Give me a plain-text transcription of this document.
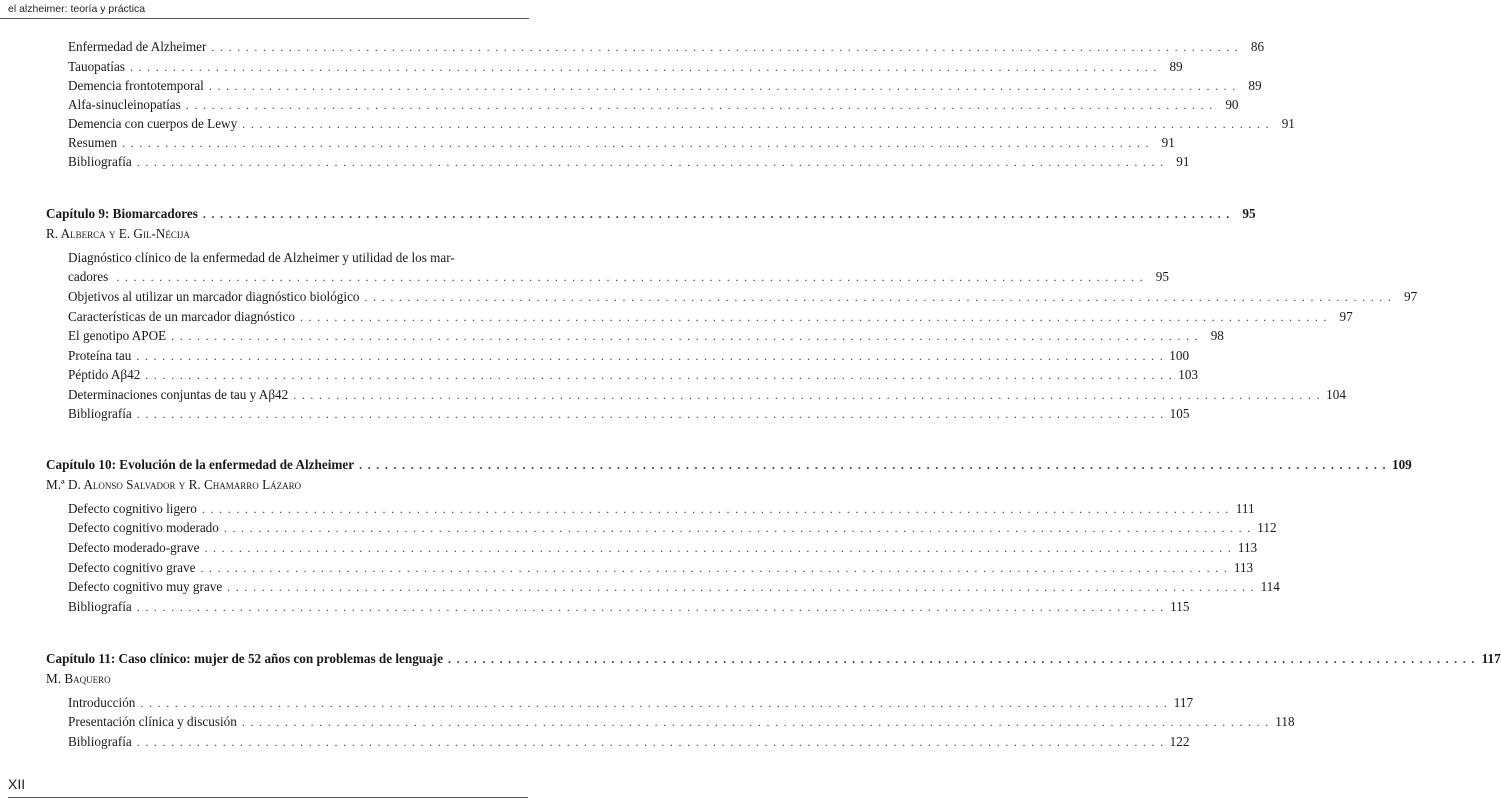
el alzheimer: teoría y práctica
Enfermedad de Alzheimer . . . . . . . . . . . . . . . . . . . . . . . . . . . . . . . . . . . . . . . . . . . . . . . . . . . . . . . . . . . . . . . . . . . . . . . . . . . . . . . . . . . . . . . . . . . . . . . . . . . . . . . . . . . . . . . . . . . . . . . . 86
Tauopatías . . . . . . . . . . . . . . . . . . . . . . . . . . . . . . . . . . . . . . . . . . . . . . . . . . . . . . . . . . . . . . . . . . . . . . . . . . . . . . . . . . . . . . . . . . . . . . . . . . . . . . . . . . . . . . . . . . . . . . . . 89
Demencia frontotemporal . . . . . . . . . . . . . . . . . . . . . . . . . . . . . . . . . . . . . . . . . . . . . . . . . . . . . . . . . . . . . . . . . . . . . . . . . . . . . . . . . . . . . . . . . . . . . . . . . . . . . . . . . . . . . . . . . . . . . . . . 89
Alfa-sinucleinopatías . . . . . . . . . . . . . . . . . . . . . . . . . . . . . . . . . . . . . . . . . . . . . . . . . . . . . . . . . . . . . . . . . . . . . . . . . . . . . . . . . . . . . . . . . . . . . . . . . . . . . . . . . . . . . . . . . . . . . . . . 90
Demencia con cuerpos de Lewy . . . . . . . . . . . . . . . . . . . . . . . . . . . . . . . . . . . . . . . . . . . . . . . . . . . . . . . . . . . . . . . . . . . . . . . . . . . . . . . . . . . . . . . . . . . . . . . . . . . . . . . . . . . . . . . . . . . . . . . . 91
Resumen . . . . . . . . . . . . . . . . . . . . . . . . . . . . . . . . . . . . . . . . . . . . . . . . . . . . . . . . . . . . . . . . . . . . . . . . . . . . . . . . . . . . . . . . . . . . . . . . . . . . . . . . . . . . . . . . . . . . . . . . 91
Bibliografía . . . . . . . . . . . . . . . . . . . . . . . . . . . . . . . . . . . . . . . . . . . . . . . . . . . . . . . . . . . . . . . . . . . . . . . . . . . . . . . . . . . . . . . . . . . . . . . . . . . . . . . . . . . . . . . . . . . . . . . . 91
Capítulo 9: Biomarcadores . . . . . . . . . . . . . . . . . . . . . . . . . . . . . . . . . . . . . . . . . . . . . . . . . . . . . . . . . . . . . . . . . . . . . . . . . . . . . . . . . . . . . . . . . . . . . . . . . . . . . . . . . . . . . . . . . . . . . . . . 95
R. Alberca y E. Gil-Nécija
Diagnóstico clínico de la enfermedad de Alzheimer y utilidad de los mar-
cadores . . . . . . . . . . . . . . . . . . . . . . . . . . . . . . . . . . . . . . . . . . . . . . . . . . . . . . . . . . . . . . . . . . . . . . . . . . . . . . . . . . . . . . . . . . . . . . . . . . . . . . . . . . . . . . . . . . . . . . . . 95
Objetivos al utilizar un marcador diagnóstico biológico . . . . . . . . . . . . . . . . . . . . . . . . . . . . . . . . . . . . . . . . . . . . . . . . . . . . . . . . . . . . . . . . . . . . . . . . . . . . . . . . . . . . . . . . . . . . . . . . . . . . . . . . . . . . . . . . . . . . . . . . 97
Características de un marcador diagnóstico . . . . . . . . . . . . . . . . . . . . . . . . . . . . . . . . . . . . . . . . . . . . . . . . . . . . . . . . . . . . . . . . . . . . . . . . . . . . . . . . . . . . . . . . . . . . . . . . . . . . . . . . . . . . . . . . . . . . . . . . 97
El genotipo APOE . . . . . . . . . . . . . . . . . . . . . . . . . . . . . . . . . . . . . . . . . . . . . . . . . . . . . . . . . . . . . . . . . . . . . . . . . . . . . . . . . . . . . . . . . . . . . . . . . . . . . . . . . . . . . . . . . . . . . . . . 98
Proteína tau . . . . . . . . . . . . . . . . . . . . . . . . . . . . . . . . . . . . . . . . . . . . . . . . . . . . . . . . . . . . . . . . . . . . . . . . . . . . . . . . . . . . . . . . . . . . . . . . . . . . . . . . . . . . . . . . . . . . . . . . 100
Péptido Aβ42 . . . . . . . . . . . . . . . . . . . . . . . . . . . . . . . . . . . . . . . . . . . . . . . . . . . . . . . . . . . . . . . . . . . . . . . . . . . . . . . . . . . . . . . . . . . . . . . . . . . . . . . . . . . . . . . . . . . . . . . . 103
Determinaciones conjuntas de tau y Aβ42 . . . . . . . . . . . . . . . . . . . . . . . . . . . . . . . . . . . . . . . . . . . . . . . . . . . . . . . . . . . . . . . . . . . . . . . . . . . . . . . . . . . . . . . . . . . . . . . . . . . . . . . . . . . . . . . . . . . . . . . . 104
Bibliografía . . . . . . . . . . . . . . . . . . . . . . . . . . . . . . . . . . . . . . . . . . . . . . . . . . . . . . . . . . . . . . . . . . . . . . . . . . . . . . . . . . . . . . . . . . . . . . . . . . . . . . . . . . . . . . . . . . . . . . . . 105
Capítulo 10: Evolución de la enfermedad de Alzheimer . . . . . . . . . . . . . . . . . . . . . . . . . . . . . . . . . . . . . . . . . . . . . . . . . . . . . . . . . . . . . . . . . . . . . . . . . . . . . . . . . . . . . . . . . . . . . . . . . . . . . . . . . . . . . . . . . . . . . . . . 109
M.ª D. Alonso Salvador y R. Chamarro Lázaro
Defecto cognitivo ligero . . . . . . . . . . . . . . . . . . . . . . . . . . . . . . . . . . . . . . . . . . . . . . . . . . . . . . . . . . . . . . . . . . . . . . . . . . . . . . . . . . . . . . . . . . . . . . . . . . . . . . . . . . . . . . . . . . . . . . . . 111
Defecto cognitivo moderado . . . . . . . . . . . . . . . . . . . . . . . . . . . . . . . . . . . . . . . . . . . . . . . . . . . . . . . . . . . . . . . . . . . . . . . . . . . . . . . . . . . . . . . . . . . . . . . . . . . . . . . . . . . . . . . . . . . . . . . . 112
Defecto moderado-grave . . . . . . . . . . . . . . . . . . . . . . . . . . . . . . . . . . . . . . . . . . . . . . . . . . . . . . . . . . . . . . . . . . . . . . . . . . . . . . . . . . . . . . . . . . . . . . . . . . . . . . . . . . . . . . . . . . . . . . . . 113
Defecto cognitivo grave . . . . . . . . . . . . . . . . . . . . . . . . . . . . . . . . . . . . . . . . . . . . . . . . . . . . . . . . . . . . . . . . . . . . . . . . . . . . . . . . . . . . . . . . . . . . . . . . . . . . . . . . . . . . . . . . . . . . . . . . 113
Defecto cognitivo muy grave . . . . . . . . . . . . . . . . . . . . . . . . . . . . . . . . . . . . . . . . . . . . . . . . . . . . . . . . . . . . . . . . . . . . . . . . . . . . . . . . . . . . . . . . . . . . . . . . . . . . . . . . . . . . . . . . . . . . . . . . 114
Bibliografía . . . . . . . . . . . . . . . . . . . . . . . . . . . . . . . . . . . . . . . . . . . . . . . . . . . . . . . . . . . . . . . . . . . . . . . . . . . . . . . . . . . . . . . . . . . . . . . . . . . . . . . . . . . . . . . . . . . . . . . . 115
Capítulo 11: Caso clínico: mujer de 52 años con problemas de lenguaje . . . . . . . . . . . . . . . . . . . . . . . . . . . . . . . . . . . . . . . . . . . . . . . . . . . . . . . . . . . . . . . . . . . . . . . . . . . . . . . . . . . . . . . . . . . . . . . . . . . . . . . . . . . . . . . . . . . . . . . . 117
M. Baquero
Introducción . . . . . . . . . . . . . . . . . . . . . . . . . . . . . . . . . . . . . . . . . . . . . . . . . . . . . . . . . . . . . . . . . . . . . . . . . . . . . . . . . . . . . . . . . . . . . . . . . . . . . . . . . . . . . . . . . . . . . . . . 117
Presentación clínica y discusión . . . . . . . . . . . . . . . . . . . . . . . . . . . . . . . . . . . . . . . . . . . . . . . . . . . . . . . . . . . . . . . . . . . . . . . . . . . . . . . . . . . . . . . . . . . . . . . . . . . . . . . . . . . . . . . . . . . . . . . . 118
Bibliografía . . . . . . . . . . . . . . . . . . . . . . . . . . . . . . . . . . . . . . . . . . . . . . . . . . . . . . . . . . . . . . . . . . . . . . . . . . . . . . . . . . . . . . . . . . . . . . . . . . . . . . . . . . . . . . . . . . . . . . . . 122
XII
